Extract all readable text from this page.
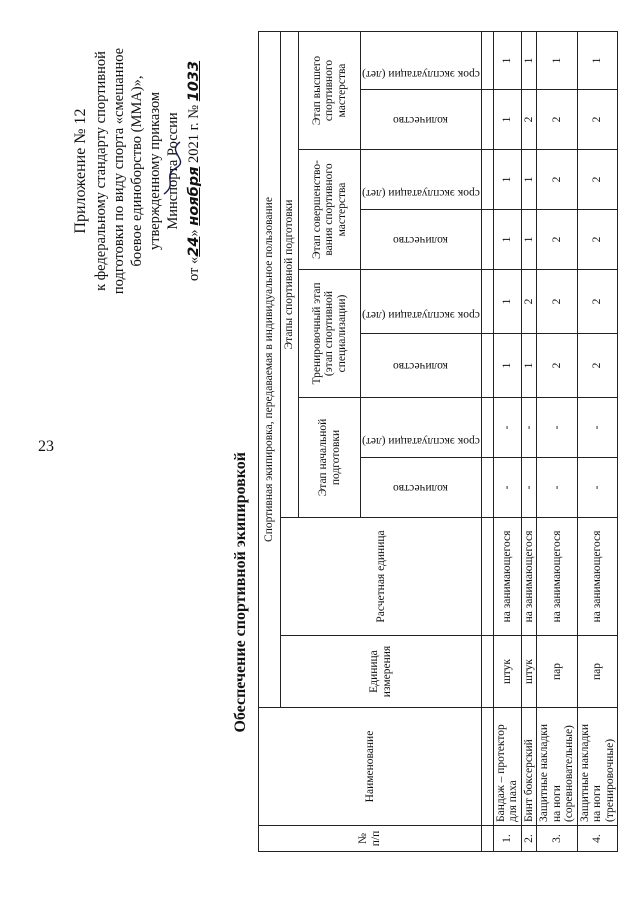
23
Приложение № 12 к федеральному стандарту спортивной подготовки по виду спорта «смешанное боевое единоборство (ММА)», утвержденному приказом Минспорта России
от «24» ноября 2021 г. № 1033
Обеспечение спортивной экипировкой
№ п/п	Наименование	Спортивная экипировка, передаваемая в индивидуальное пользование									
		Единица измерения	Расчетная единица	Этапы спортивной подготовки							
				Этап начальной подготовки		Тренировочный этап (этап спортивной специализации)		Этап совершенство-вания спортивного мастерства		Этап высшего спортивного мастерства	

				количество	срок эксплуатации (лет)	количество	срок эксплуатации (лет)	количество	срок эксплуатации (лет)	количество	срок эксплуатации (лет)

1.	Бандаж – протектор для паха	штук	на занимающегося	-	-	1	1	1	1	1	1
2.	Бинт боксерский	штук	на занимающегося	-	-	1	2	1	1	2	1
3.	Защитные накладки на ноги (соревновательные)	пар	на занимающегося	-	-	2	2	2	2	2	1
4.	Защитные накладки на ноги (тренировочные)	пар	на занимающегося	-	-	2	2	2	2	2	1
